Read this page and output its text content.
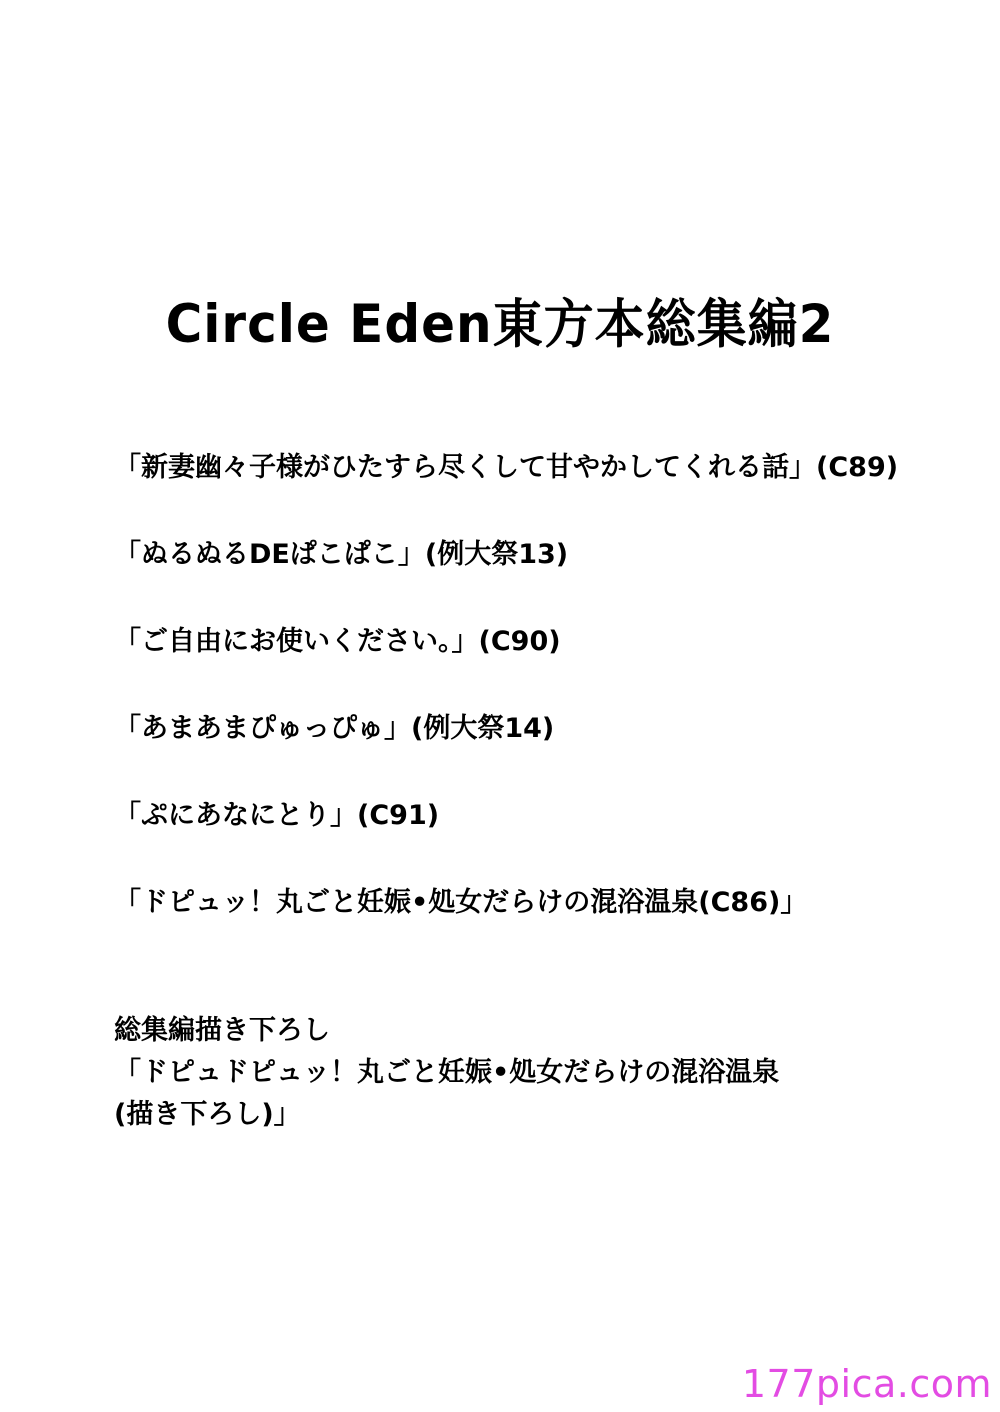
Circle Eden東方本総集編2
「新妻幽々子様がひたすら尽くして甘やかしてくれる話」(C89)
「ぬるぬるDEぱこぱこ」(例大祭13)
「ご自由にお使いください。」(C90)
「あまあまぴゅっぴゅ」(例大祭14)
「ぷにあなにとり」(C91)
「ドピュッ！丸ごと妊娠•処女だらけの混浴温泉(C86)」
総集編描き下ろし
「ドピュドピュッ！丸ごと妊娠•処女だらけの混浴温泉
(描き下ろし)」
177pica.com
